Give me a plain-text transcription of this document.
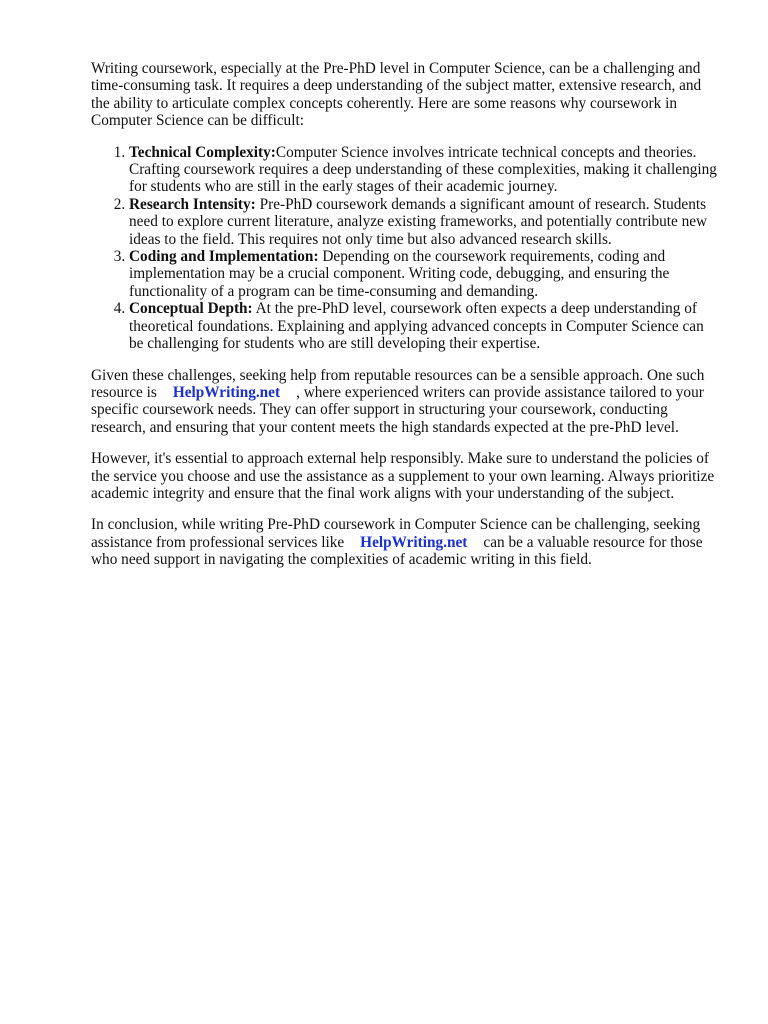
Writing coursework, especially at the Pre-PhD level in Computer Science, can be a challenging and time-consuming task. It requires a deep understanding of the subject matter, extensive research, and the ability to articulate complex concepts coherently. Here are some reasons why coursework in Computer Science can be difficult:

1. Technical Complexity:Computer Science involves intricate technical concepts and theories. Crafting coursework requires a deep understanding of these complexities, making it challenging for students who are still in the early stages of their academic journey.
2. Research Intensity: Pre-PhD coursework demands a significant amount of research. Students need to explore current literature, analyze existing frameworks, and potentially contribute new ideas to the field. This requires not only time but also advanced research skills.
3. Coding and Implementation: Depending on the coursework requirements, coding and implementation may be a crucial component. Writing code, debugging, and ensuring the functionality of a program can be time-consuming and demanding.
4. Conceptual Depth: At the pre-PhD level, coursework often expects a deep understanding of theoretical foundations. Explaining and applying advanced concepts in Computer Science can be challenging for students who are still developing their expertise.

Given these challenges, seeking help from reputable resources can be a sensible approach. One such resource is HelpWriting.net , where experienced writers can provide assistance tailored to your specific coursework needs. They can offer support in structuring your coursework, conducting research, and ensuring that your content meets the high standards expected at the pre-PhD level.

However, it's essential to approach external help responsibly. Make sure to understand the policies of the service you choose and use the assistance as a supplement to your own learning. Always prioritize academic integrity and ensure that the final work aligns with your understanding of the subject.

In conclusion, while writing Pre-PhD coursework in Computer Science can be challenging, seeking assistance from professional services like HelpWriting.net can be a valuable resource for those who need support in navigating the complexities of academic writing in this field.
